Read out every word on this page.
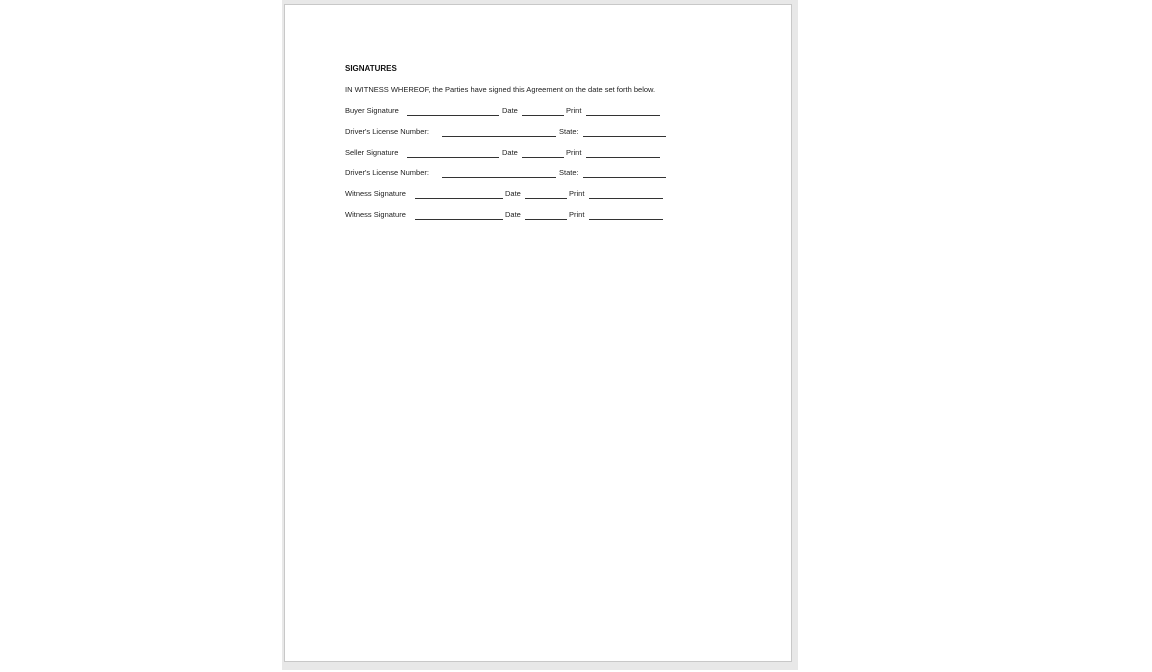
SIGNATURES
IN WITNESS WHEREOF, the Parties have signed this Agreement on the date set forth below.
Buyer Signature	Date	Print
Driver's License Number:	State:
Seller Signature	Date	Print
Driver's License Number:	State:
Witness Signature	Date	Print
Witness Signature	Date	Print
